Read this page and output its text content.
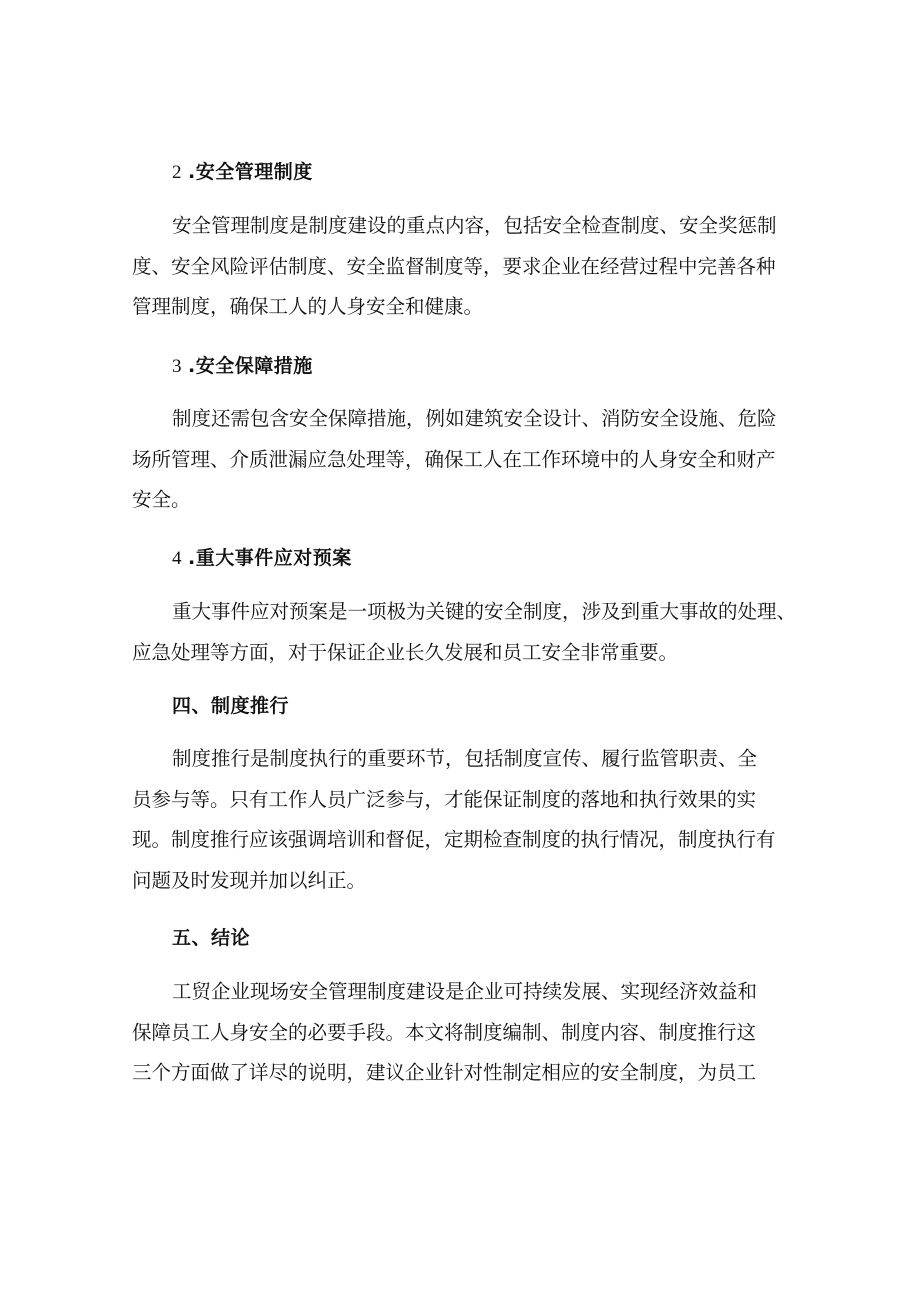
2 .安全管理制度
安全管理制度是制度建设的重点内容，包括安全检查制度、安全奖惩制
度、安全风险评估制度、安全监督制度等，要求企业在经营过程中完善各种
管理制度，确保工人的人身安全和健康。
3 .安全保障措施
制度还需包含安全保障措施，例如建筑安全设计、消防安全设施、危险
场所管理、介质泄漏应急处理等，确保工人在工作环境中的人身安全和财产
安全。
4 .重大事件应对预案
重大事件应对预案是一项极为关键的安全制度，涉及到重大事故的处理、
应急处理等方面，对于保证企业长久发展和员工安全非常重要。
四、制度推行
制度推行是制度执行的重要环节，包括制度宣传、履行监管职责、全
员参与等。只有工作人员广泛参与，才能保证制度的落地和执行效果的实
现。制度推行应该强调培训和督促，定期检查制度的执行情况，制度执行有
问题及时发现并加以纠正。
五、结论
工贸企业现场安全管理制度建设是企业可持续发展、实现经济效益和
保障员工人身安全的必要手段。本文将制度编制、制度内容、制度推行这
三个方面做了详尽的说明，建议企业针对性制定相应的安全制度，为员工
